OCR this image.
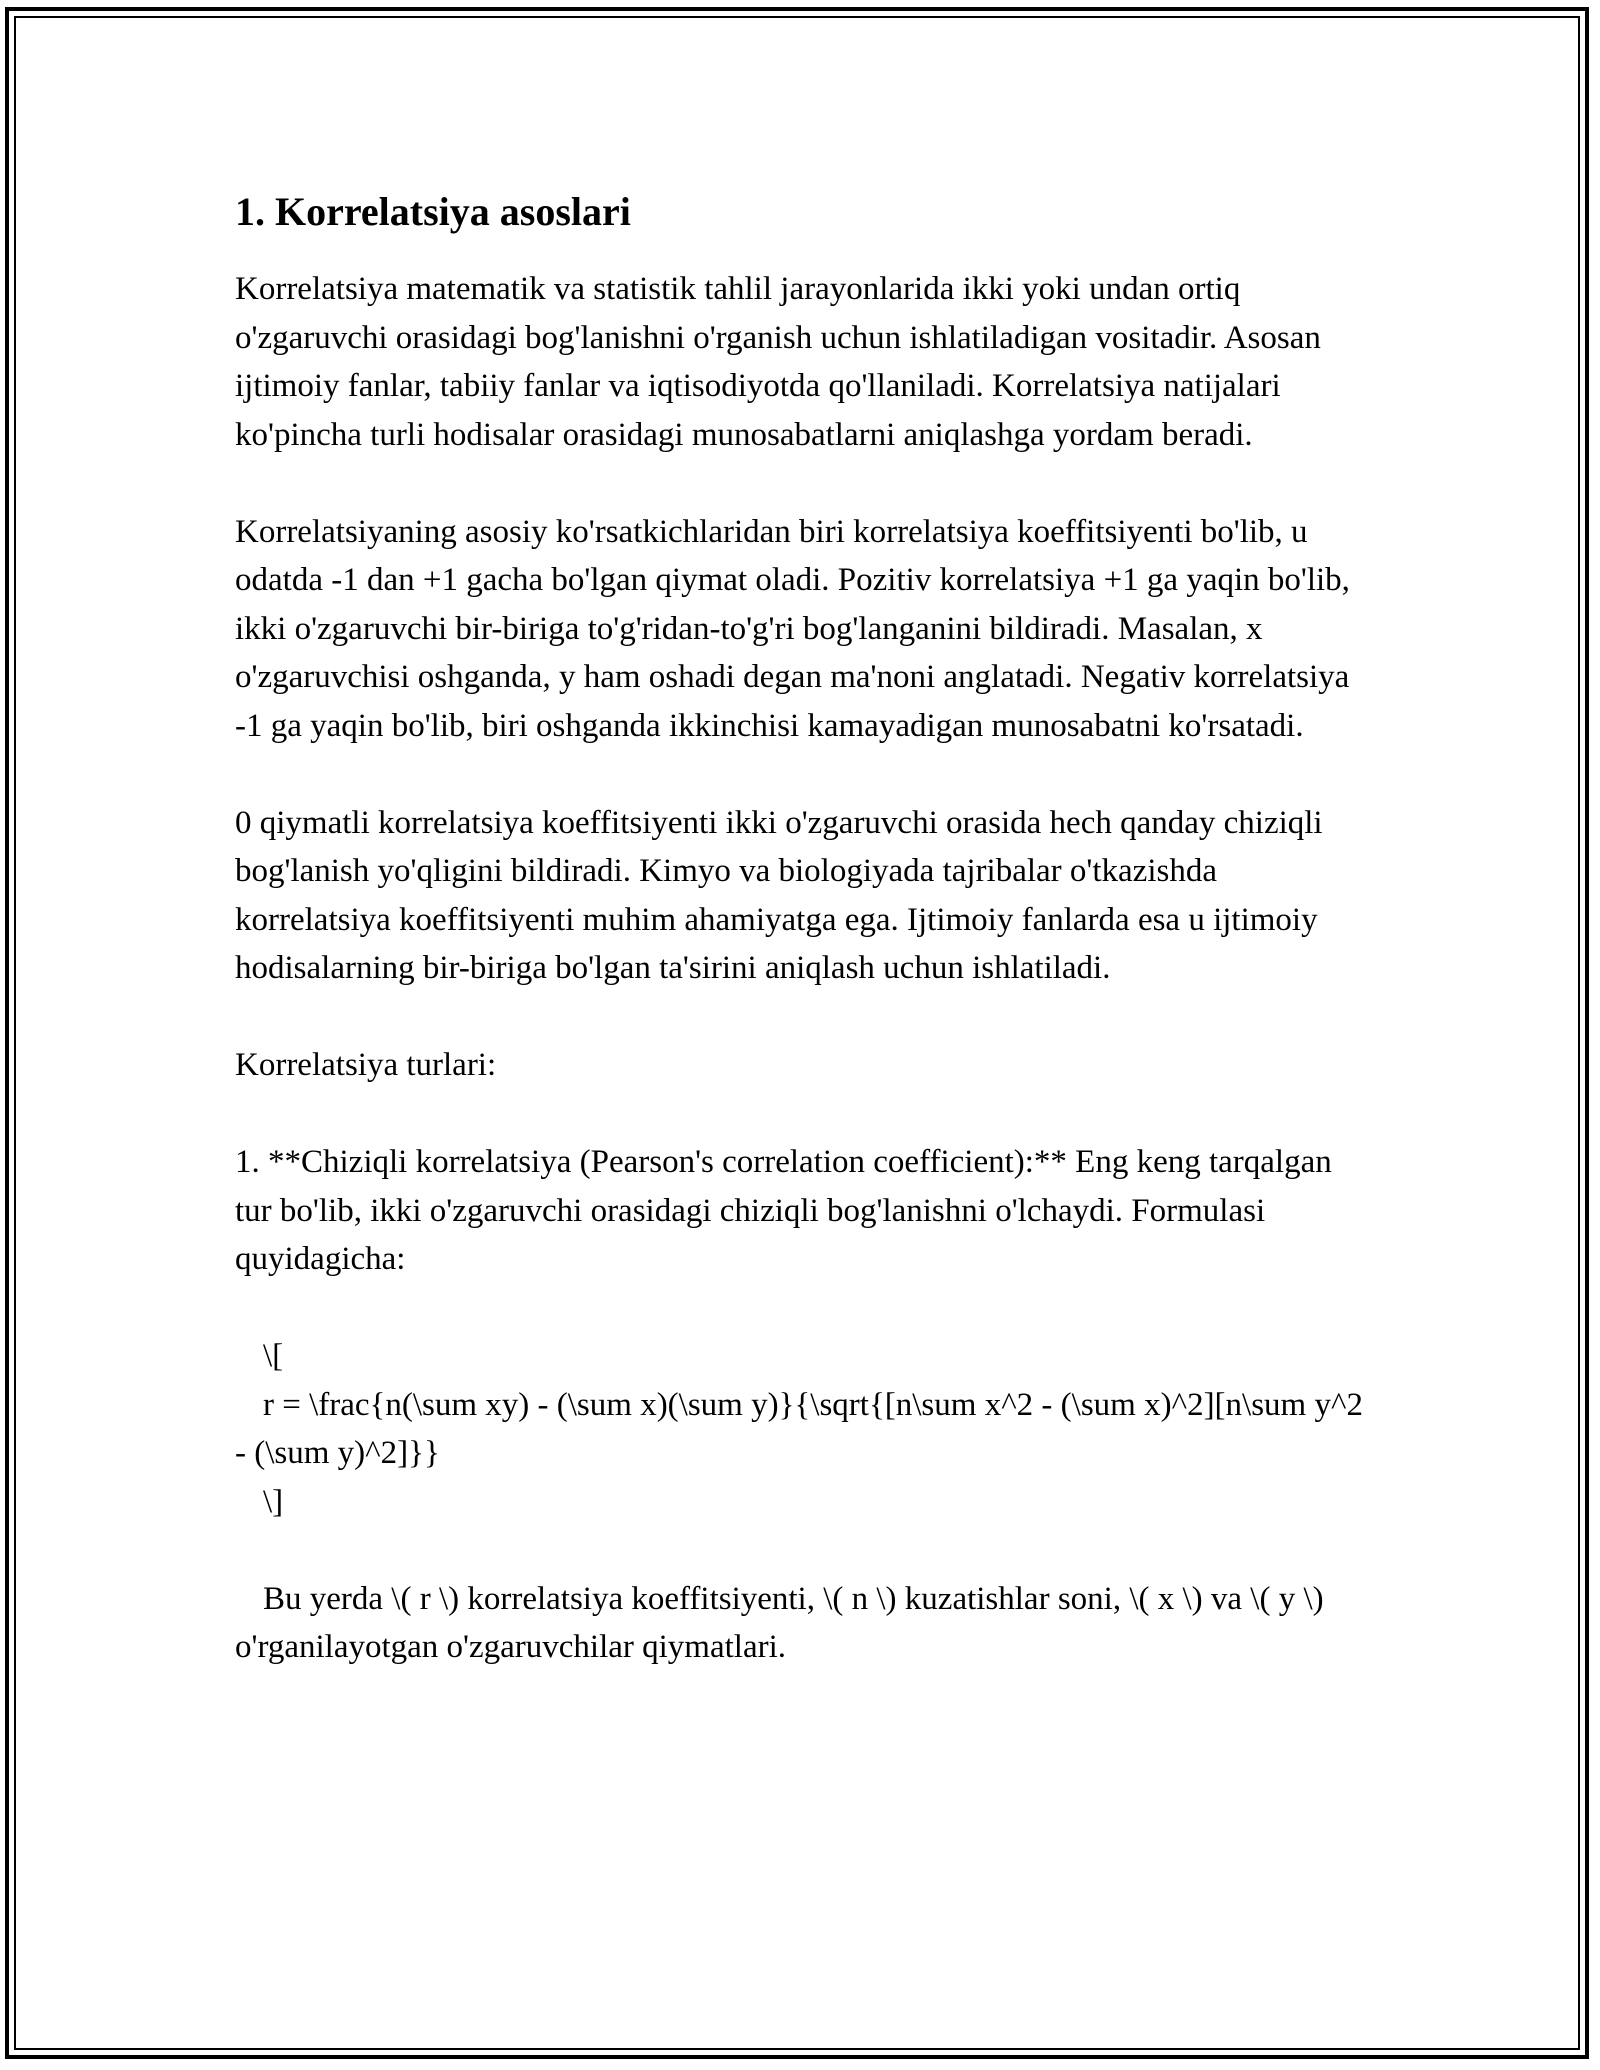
1. Korrelatsiya asoslari

Korrelatsiya matematik va statistik tahlil jarayonlarida ikki yoki undan ortiq o'zgaruvchi orasidagi bog'lanishni o'rganish uchun ishlatiladigan vositadir. Asosan ijtimoiy fanlar, tabiiy fanlar va iqtisodiyotda qo'llaniladi. Korrelatsiya natijalari ko'pincha turli hodisalar orasidagi munosabatlarni aniqlashga yordam beradi.

Korrelatsiyaning asosiy ko'rsatkichlaridan biri korrelatsiya koeffitsiyenti bo'lib, u odatda -1 dan +1 gacha bo'lgan qiymat oladi. Pozitiv korrelatsiya +1 ga yaqin bo'lib, ikki o'zgaruvchi bir-biriga to'g'ridan-to'g'ri bog'langanini bildiradi. Masalan, x o'zgaruvchisi oshganda, y ham oshadi degan ma'noni anglatadi. Negativ korrelatsiya -1 ga yaqin bo'lib, biri oshganda ikkinchisi kamayadigan munosabatni ko'rsatadi.

0 qiymatli korrelatsiya koeffitsiyenti ikki o'zgaruvchi orasida hech qanday chiziqli bog'lanish yo'qligini bildiradi. Kimyo va biologiyada tajribalar o'tkazishda korrelatsiya koeffitsiyenti muhim ahamiyatga ega. Ijtimoiy fanlarda esa u ijtimoiy hodisalarning bir-biriga bo'lgan ta'sirini aniqlash uchun ishlatiladi.

Korrelatsiya turlari:

1. **Chiziqli korrelatsiya (Pearson's correlation coefficient):** Eng keng tarqalgan tur bo'lib, ikki o'zgaruvchi orasidagi chiziqli bog'lanishni o'lchaydi. Formulasi quyidagicha:

\[
r = \frac{n(\sum xy) - (\sum x)(\sum y)}{\sqrt{[n\sum x^2 - (\sum x)^2][n\sum y^2 - (\sum y)^2]}}
\]

Bu yerda \( r \) korrelatsiya koeffitsiyenti, \( n \) kuzatishlar soni, \( x \) va \( y \) o'rganilayotgan o'zgaruvchilar qiymatlari.
